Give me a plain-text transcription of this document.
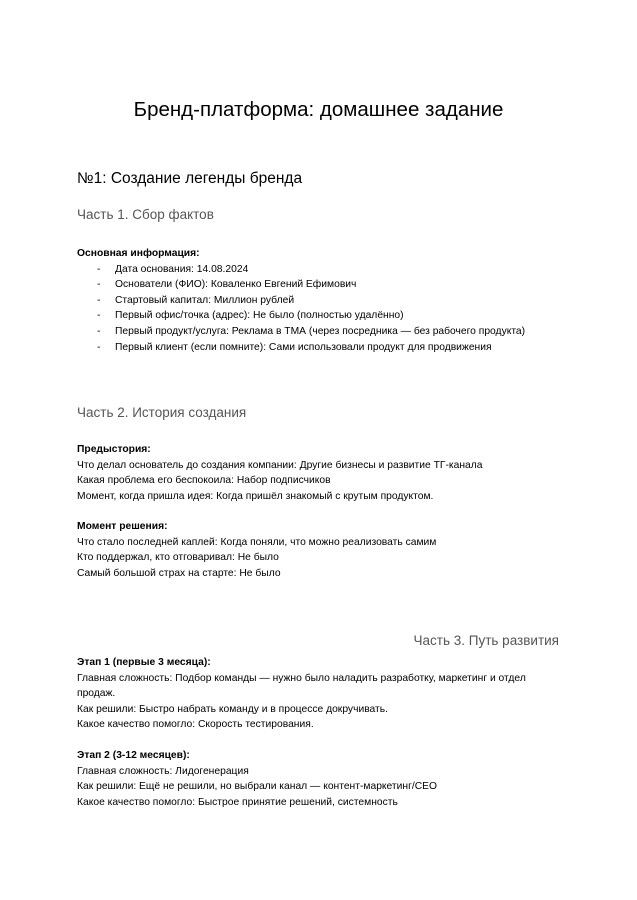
Бренд-платформа: домашнее задание
№1: Создание легенды бренда
Часть 1. Сбор фактов
Основная информация:
- Дата основания: 14.08.2024
- Основатели (ФИО): Коваленко Евгений Ефимович
- Стартовый капитал: Миллион рублей
- Первый офис/точка (адрес): Не было (полностью удалённо)
- Первый продукт/услуга: Реклама в ТМА (через посредника — без рабочего продукта)
- Первый клиент (если помните): Сами использовали продукт для продвижения
Часть 2. История создания
Предыстория:
Что делал основатель до создания компании: Другие бизнесы и развитие ТГ-канала
Какая проблема его беспокоила: Набор подписчиков
Момент, когда пришла идея: Когда пришёл знакомый с крутым продуктом.
Момент решения:
Что стало последней каплей: Когда поняли, что можно реализовать самим
Кто поддержал, кто отговаривал: Не было
Самый большой страх на старте: Не было
Часть 3. Путь развития
Этап 1 (первые 3 месяца):
Главная сложность: Подбор команды — нужно было наладить разработку, маркетинг и отдел продаж.
Как решили: Быстро набрать команду и в процессе докручивать.
Какое качество помогло: Скорость тестирования.
Этап 2 (3-12 месяцев):
Главная сложность: Лидогенерация
Как решили: Ещё не решили, но выбрали канал — контент-маркетинг/СЕО
Какое качество помогло: Быстрое принятие решений, системность
